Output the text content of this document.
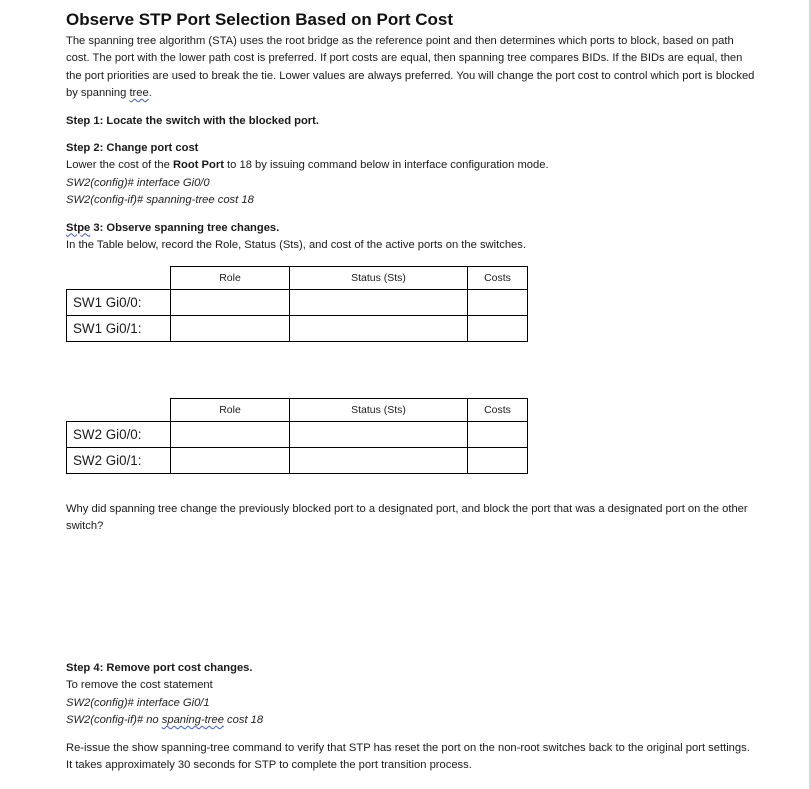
Observe STP Port Selection Based on Port Cost

The spanning tree algorithm (STA) uses the root bridge as the reference point and then determines which ports to block, based on path cost. The port with the lower path cost is preferred. If port costs are equal, then spanning tree compares BIDs. If the BIDs are equal, then the port priorities are used to break the tie. Lower values are always preferred. You will change the port cost to control which port is blocked by spanning tree.

Step 1: Locate the switch with the blocked port.

Step 2: Change port cost

Lower the cost of the Root Port to 18 by issuing command below in interface configuration mode.

SW2(config)# interface Gi0/0

SW2(config-if)# spanning-tree cost 18

Stpe 3: Observe spanning tree changes.

In the Table below, record the Role, Status (Sts), and cost of the active ports on the switches.

	Role	Status (Sts)	Costs
SW1 Gi0/0:			
SW1 Gi0/1:			
	Role	Status (Sts)	Costs
SW2 Gi0/0:			
SW2 Gi0/1:			

Why did spanning tree change the previously blocked port to a designated port, and block the port that was a designated port on the other switch?

Step 4: Remove port cost changes.

To remove the cost statement

SW2(config)# interface Gi0/1

SW2(config-if)# no spaning-tree cost 18

Re-issue the show spanning-tree command to verify that STP has reset the port on the non-root switches back to the original port settings. It takes approximately 30 seconds for STP to complete the port transition process.
